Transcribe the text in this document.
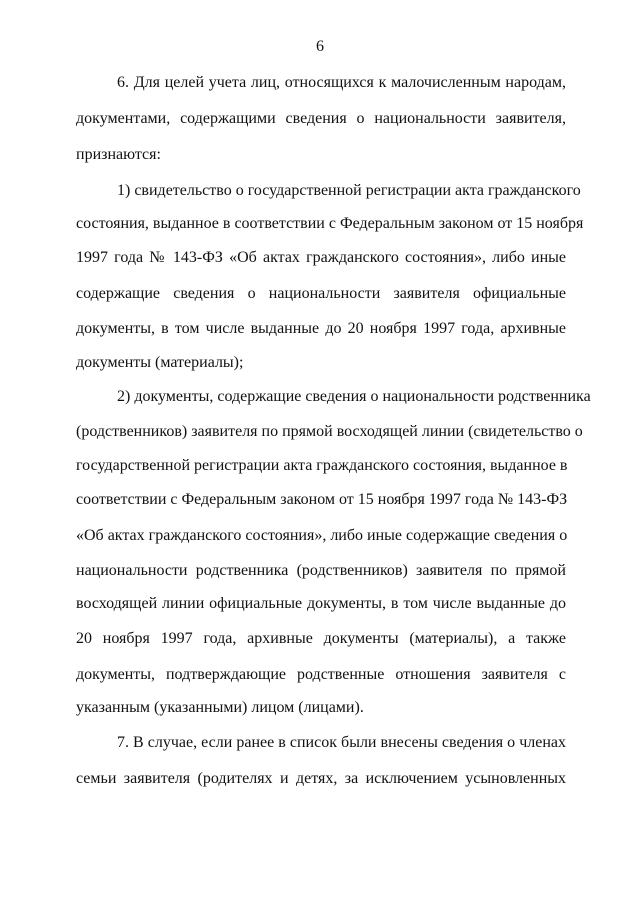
6
6. Для целей учета лиц, относящихся к малочисленным народам,
документами, содержащими сведения о национальности заявителя,
признаются:
1) свидетельство о государственной регистрации акта гражданского
состояния, выданное в соответствии с Федеральным законом от 15 ноября
1997 года № 143-ФЗ «Об актах гражданского состояния», либо иные
содержащие сведения о национальности заявителя официальные
документы, в том числе выданные до 20 ноября 1997 года, архивные
документы (материалы);
2) документы, содержащие сведения о национальности родственника
(родственников) заявителя по прямой восходящей линии (свидетельство о
государственной регистрации акта гражданского состояния, выданное в
соответствии с Федеральным законом от 15 ноября 1997 года № 143-ФЗ
«Об актах гражданского состояния», либо иные содержащие сведения о
национальности родственника (родственников) заявителя по прямой
восходящей линии официальные документы, в том числе выданные до
20 ноября 1997 года, архивные документы (материалы), а также
документы, подтверждающие родственные отношения заявителя с
указанным (указанными) лицом (лицами).
7. В случае, если ранее в список были внесены сведения о членах
семьи заявителя (родителях и детях, за исключением усыновленных
